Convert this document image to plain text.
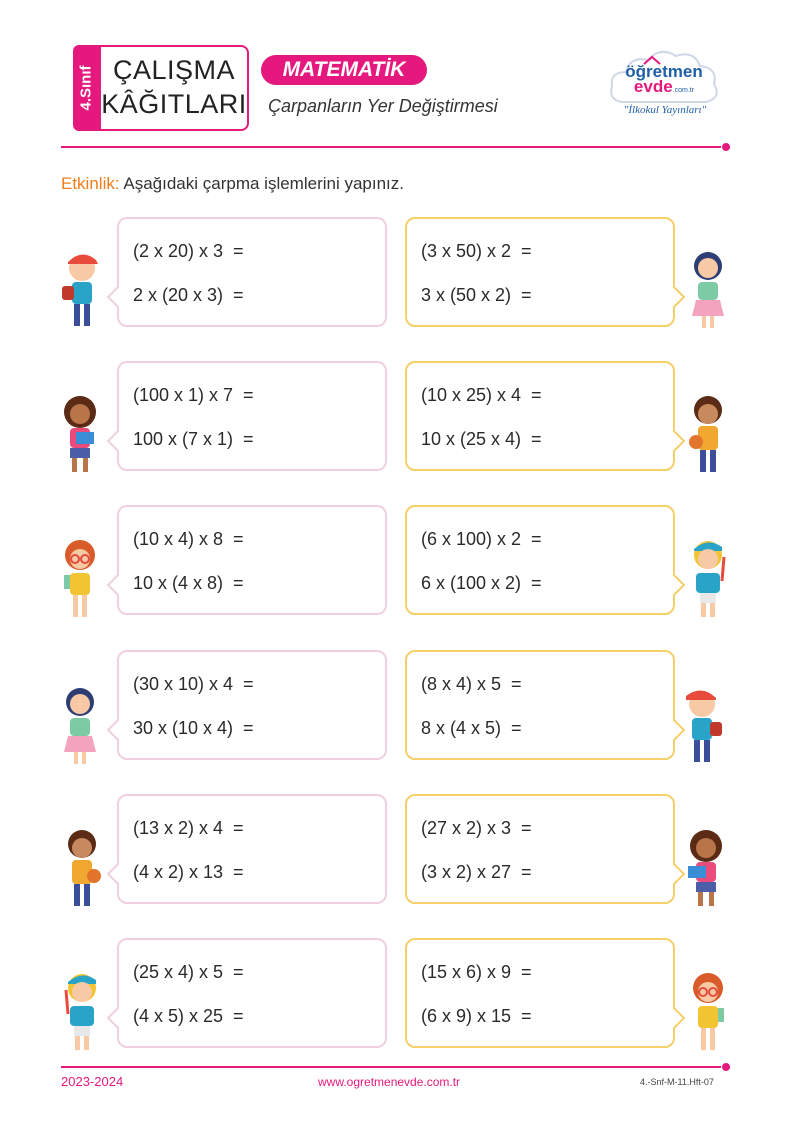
4.Sınıf ÇALIŞMA
KÂĞITLARI
MATEMATİK
Çarpanların Yer Değiştirmesi
öğretmen
evde.com.tr
"İlkokul Yayınları"
Etkinlik: Aşağıdaki çarpma işlemlerini yapınız.
(2 x 20) x 3  =
2 x (20 x 3)  =
(3 x 50) x 2  =
3 x (50 x 2)  =
(100 x 1) x 7  =
100 x (7 x 1)  =
(10 x 25) x 4  =
10 x (25 x 4)  =
(10 x 4) x 8  =
10 x (4 x 8)  =
(6 x 100) x 2  =
6 x (100 x 2)  =
(30 x 10) x 4  =
30 x (10 x 4)  =
(8 x 4) x 5  =
8 x (4 x 5)  =
(13 x 2) x 4  =
(4 x 2) x 13  =
(27 x 2) x 3  =
(3 x 2) x 27  =
(25 x 4) x 5  =
(4 x 5) x 25  =
(15 x 6) x 9  =
(6 x 9) x 15  =
2023-2024	www.ogretmenevde.com.tr	4.-Snf-M-11.Hft-07
